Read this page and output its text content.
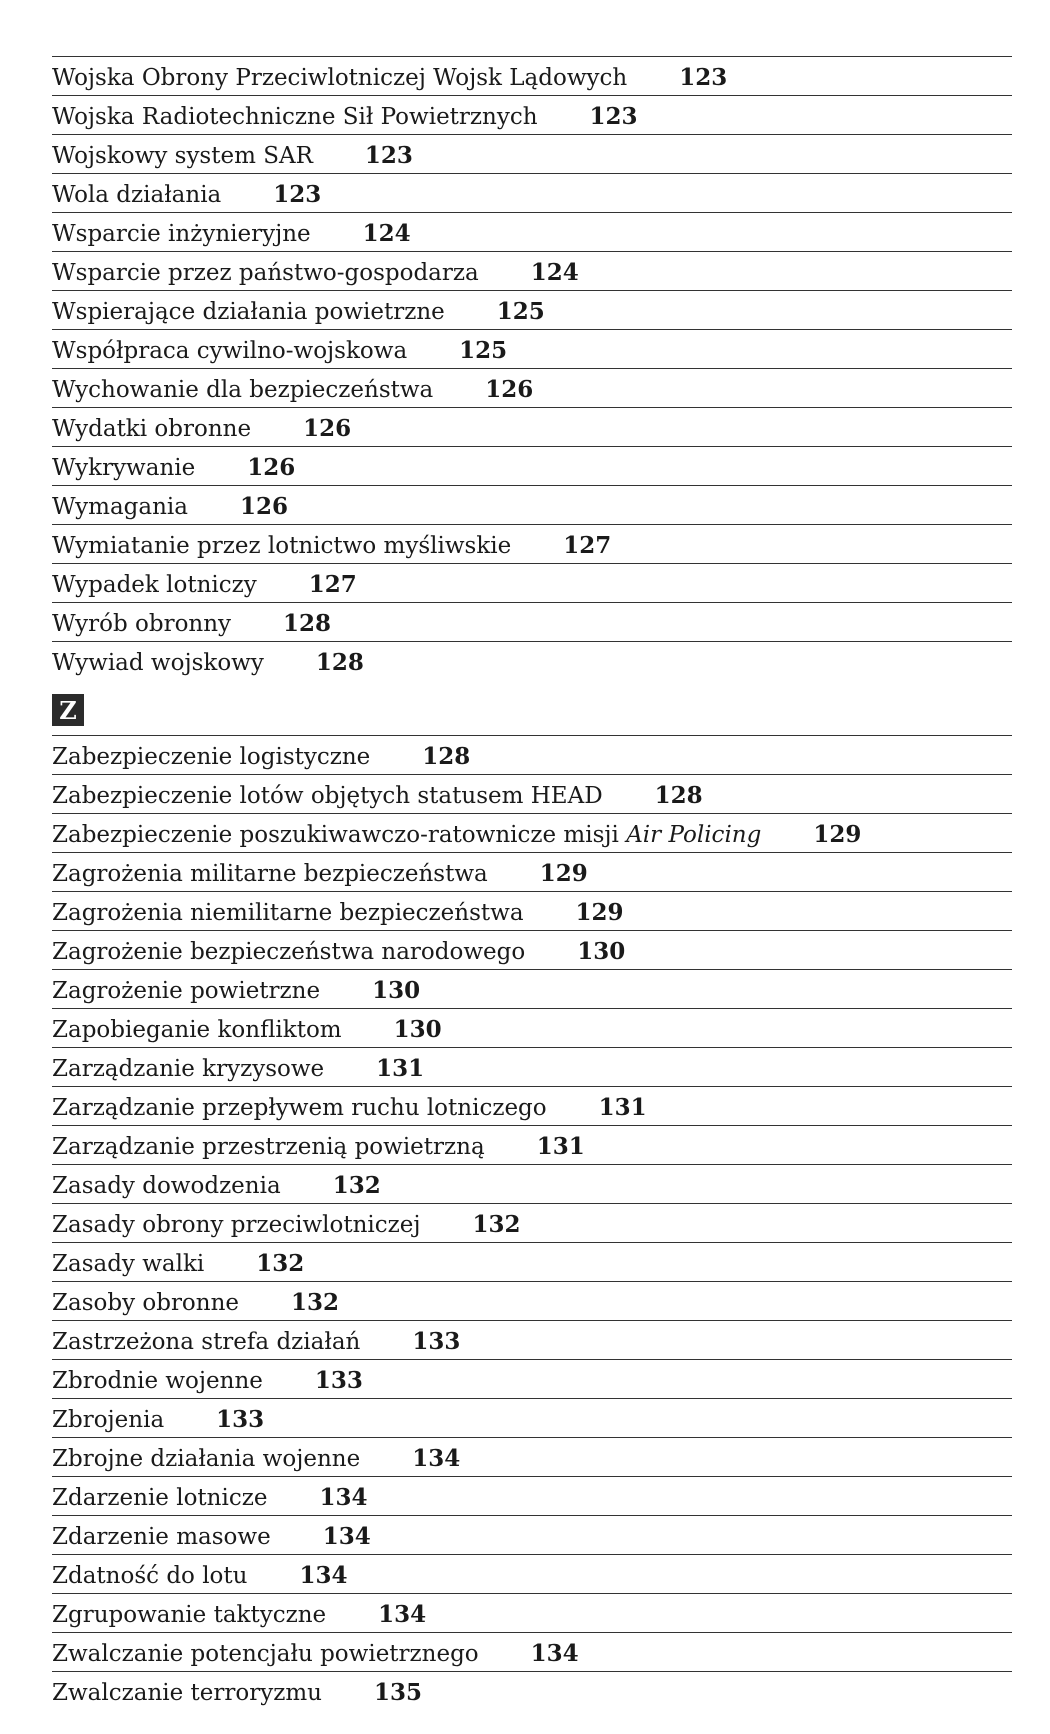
Wojska Obrony Przeciwlotniczej Wojsk Lądowych 123
Wojska Radiotechniczne Sił Powietrznych 123
Wojskowy system SAR 123
Wola działania 123
Wsparcie inżynieryjne 124
Wsparcie przez państwo-gospodarza 124
Wspierające działania powietrzne 125
Współpraca cywilno-wojskowa 125
Wychowanie dla bezpieczeństwa 126
Wydatki obronne 126
Wykrywanie 126
Wymagania 126
Wymiatanie przez lotnictwo myśliwskie 127
Wypadek lotniczy 127
Wyrób obronny 128
Wywiad wojskowy 128
Z
Zabezpieczenie logistyczne 128
Zabezpieczenie lotów objętych statusem HEAD 128
Zabezpieczenie poszukiwawczo-ratownicze misji Air Policing 129
Zagrożenia militarne bezpieczeństwa 129
Zagrożenia niemilitarne bezpieczeństwa 129
Zagrożenie bezpieczeństwa narodowego 130
Zagrożenie powietrzne 130
Zapobieganie konfliktom 130
Zarządzanie kryzysowe 131
Zarządzanie przepływem ruchu lotniczego 131
Zarządzanie przestrzenią powietrzną 131
Zasady dowodzenia 132
Zasady obrony przeciwlotniczej 132
Zasady walki 132
Zasoby obronne 132
Zastrzeżona strefa działań 133
Zbrodnie wojenne 133
Zbrojenia 133
Zbrojne działania wojenne 134
Zdarzenie lotnicze 134
Zdarzenie masowe 134
Zdatność do lotu 134
Zgrupowanie taktyczne 134
Zwalczanie potencjału powietrznego 134
Zwalczanie terroryzmu 135
